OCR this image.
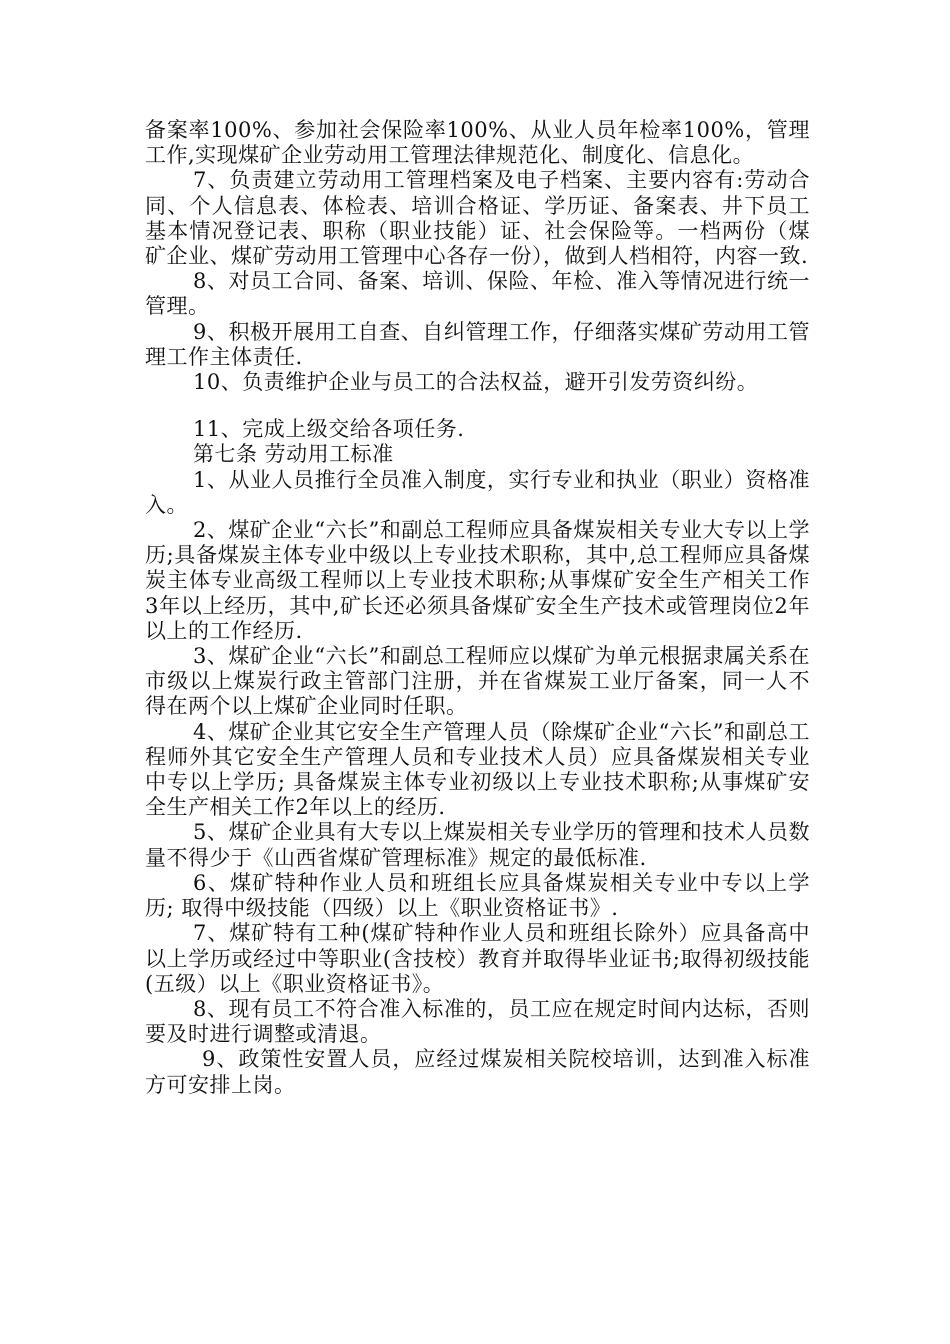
备案率100%、参加社会保险率100%、从业人员年检率100%，管理工作,实现煤矿企业劳动用工管理法律规范化、制度化、信息化。

7、负责建立劳动用工管理档案及电子档案、主要内容有:劳动合同、个人信息表、体检表、培训合格证、学历证、备案表、井下员工基本情况登记表、职称（职业技能）证、社会保险等。一档两份（煤矿企业、煤矿劳动用工管理中心各存一份），做到人档相符，内容一致.

8、对员工合同、备案、培训、保险、年检、准入等情况进行统一管理。

9、积极开展用工自查、自纠管理工作，仔细落实煤矿劳动用工管理工作主体责任.

10、负责维护企业与员工的合法权益，避开引发劳资纠纷。

11、完成上级交给各项任务.

第七条 劳动用工标准

1、从业人员推行全员准入制度，实行专业和执业（职业）资格准入。

2、煤矿企业“六长”和副总工程师应具备煤炭相关专业大专以上学历;具备煤炭主体专业中级以上专业技术职称，其中,总工程师应具备煤炭主体专业高级工程师以上专业技术职称;从事煤矿安全生产相关工作3年以上经历，其中,矿长还必须具备煤矿安全生产技术或管理岗位2年以上的工作经历.

3、煤矿企业“六长”和副总工程师应以煤矿为单元根据隶属关系在市级以上煤炭行政主管部门注册，并在省煤炭工业厅备案，同一人不得在两个以上煤矿企业同时任职。

4、煤矿企业其它安全生产管理人员（除煤矿企业“六长”和副总工程师外其它安全生产管理人员和专业技术人员）应具备煤炭相关专业中专以上学历; 具备煤炭主体专业初级以上专业技术职称;从事煤矿安全生产相关工作2年以上的经历.

5、煤矿企业具有大专以上煤炭相关专业学历的管理和技术人员数量不得少于《山西省煤矿管理标准》规定的最低标准.

6、煤矿特种作业人员和班组长应具备煤炭相关专业中专以上学历; 取得中级技能（四级）以上《职业资格证书》.

7、煤矿特有工种(煤矿特种作业人员和班组长除外）应具备高中以上学历或经过中等职业(含技校）教育并取得毕业证书;取得初级技能(五级）以上《职业资格证书》。

8、现有员工不符合准入标准的，员工应在规定时间内达标，否则要及时进行调整或清退。

9、政策性安置人员，应经过煤炭相关院校培训，达到准入标准方可安排上岗。
